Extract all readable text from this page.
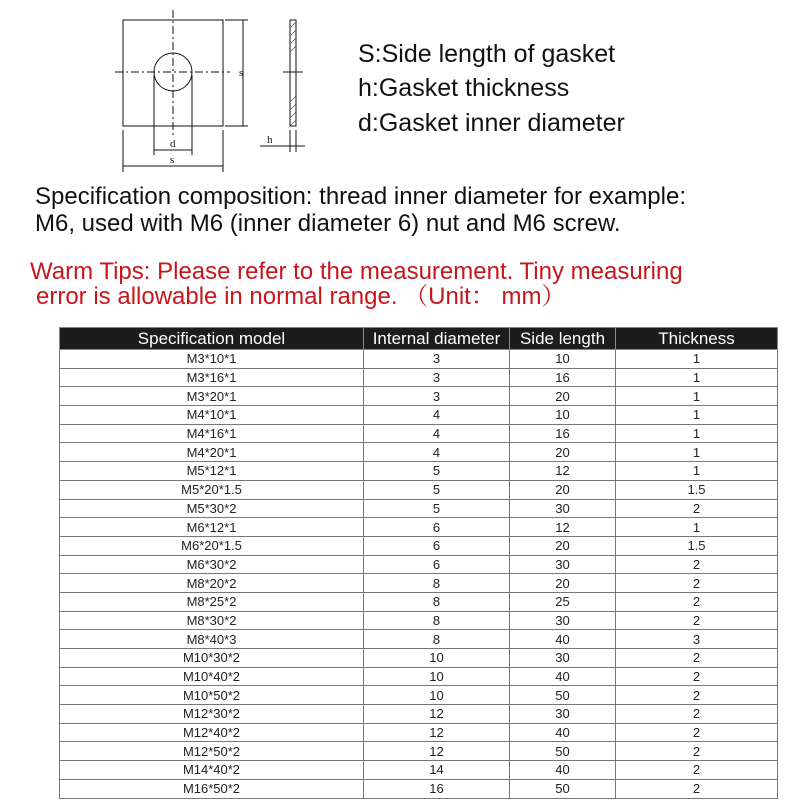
d
s
s
h
S:Side length of gasket
h:Gasket thickness
d:Gasket inner diameter
Specification composition: thread inner diameter for example:
M6, used with M6 (inner diameter 6) nut and M6 screw.
Warm Tips: Please refer to the measurement. Tiny measuring
error is allowable in normal range. （Unit： mm）
Specification model	Internal diameter	Side length	Thickness
M3*10*1	3	10	1
M3*16*1	3	16	1
M3*20*1	3	20	1
M4*10*1	4	10	1
M4*16*1	4	16	1
M4*20*1	4	20	1
M5*12*1	5	12	1
M5*20*1.5	5	20	1.5
M5*30*2	5	30	2
M6*12*1	6	12	1
M6*20*1.5	6	20	1.5
M6*30*2	6	30	2
M8*20*2	8	20	2
M8*25*2	8	25	2
M8*30*2	8	30	2
M8*40*3	8	40	3
M10*30*2	10	30	2
M10*40*2	10	40	2
M10*50*2	10	50	2
M12*30*2	12	30	2
M12*40*2	12	40	2
M12*50*2	12	50	2
M14*40*2	14	40	2
M16*50*2	16	50	2
